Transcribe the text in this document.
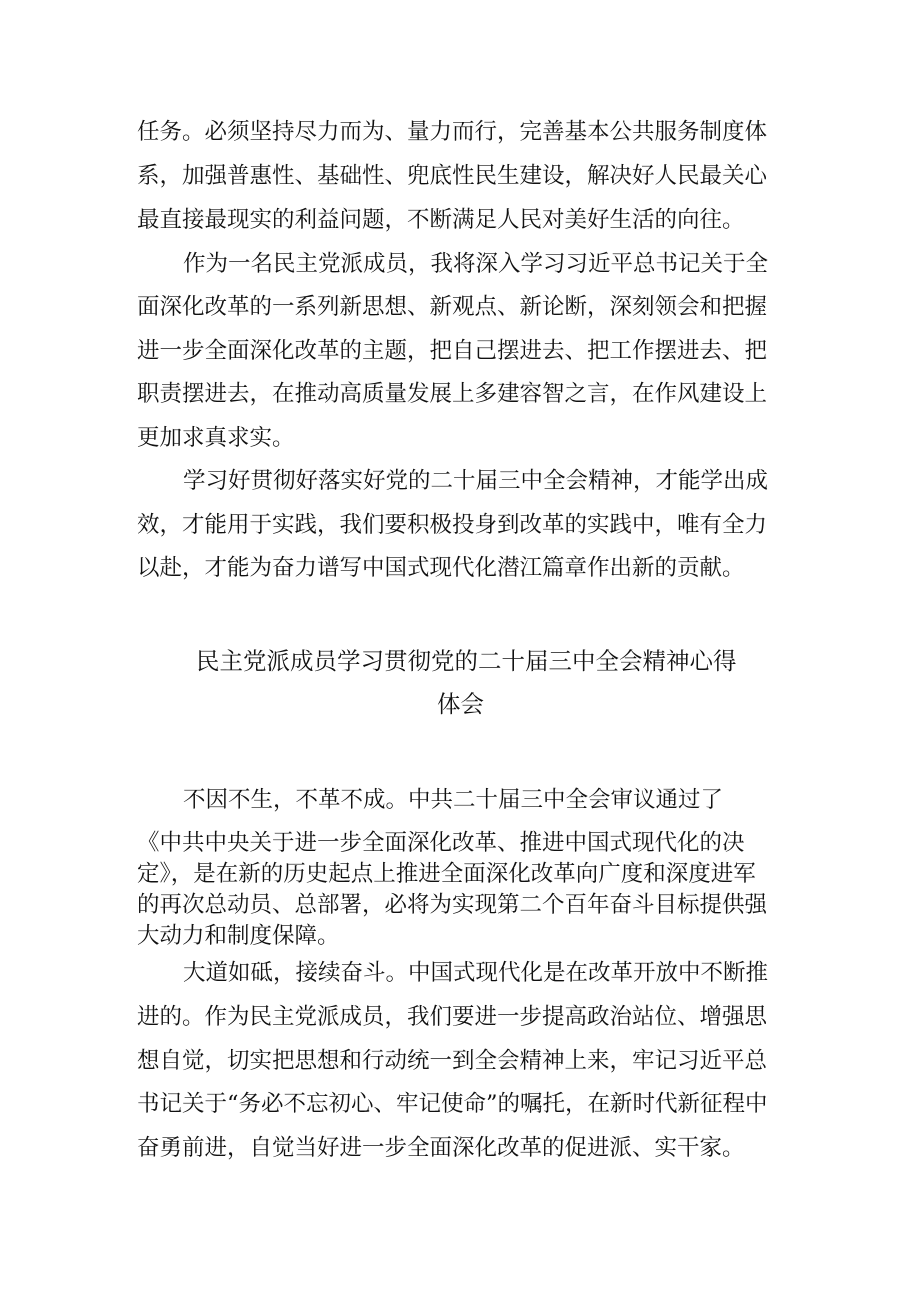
任务。必须坚持尽力而为、量力而行，完善基本公共服务制度体
系，加强普惠性、基础性、兜底性民生建设，解决好人民最关心
最直接最现实的利益问题，不断满足人民对美好生活的向往。
作为一名民主党派成员，我将深入学习习近平总书记关于全
面深化改革的一系列新思想、新观点、新论断，深刻领会和把握
进一步全面深化改革的主题，把自己摆进去、把工作摆进去、把
职责摆进去，在推动高质量发展上多建容智之言，在作风建设上
更加求真求实。
学习好贯彻好落实好党的二十届三中全会精神，才能学出成
效，才能用于实践，我们要积极投身到改革的实践中，唯有全力
以赴，才能为奋力谱写中国式现代化潜江篇章作出新的贡献。
民主党派成员学习贯彻党的二十届三中全会精神心得
体会
不因不生，不革不成。中共二十届三中全会审议通过了
《中共中央关于进一步全面深化改革、推进中国式现代化的决
定》，是在新的历史起点上推进全面深化改革向广度和深度进军
的再次总动员、总部署，必将为实现第二个百年奋斗目标提供强
大动力和制度保障。
大道如砥，接续奋斗。中国式现代化是在改革开放中不断推
进的。作为民主党派成员，我们要进一步提高政治站位、增强思
想自觉，切实把思想和行动统一到全会精神上来，牢记习近平总
书记关于“务必不忘初心、牢记使命”的嘱托，在新时代新征程中
奋勇前进，自觉当好进一步全面深化改革的促进派、实干家。
